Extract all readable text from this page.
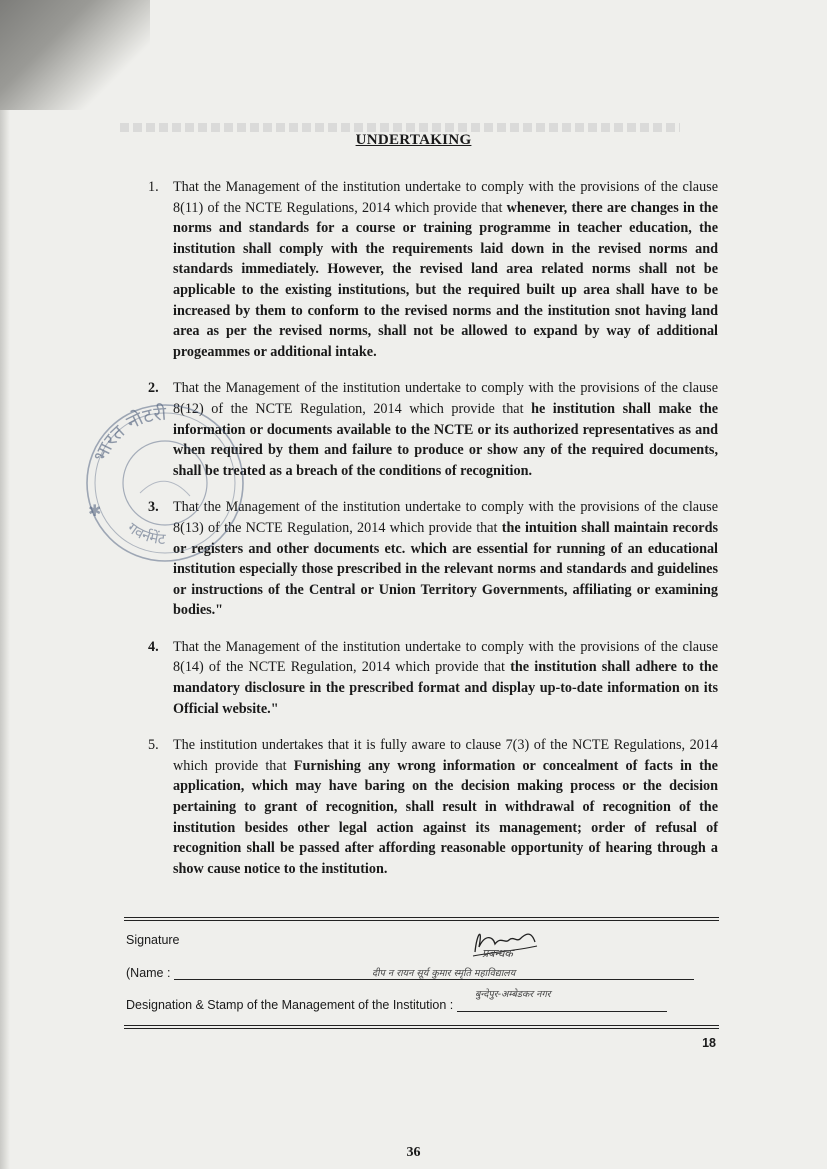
UNDERTAKING
1. That the Management of the institution undertake to comply with the provisions of the clause 8(11) of the NCTE Regulations, 2014 which provide that whenever, there are changes in the norms and standards for a course or training programme in teacher education, the institution shall comply with the requirements laid down in the revised norms and standards immediately. However, the revised land area related norms shall not be applicable to the existing institutions, but the required built up area shall have to be increased by them to conform to the revised norms and the institution snot having land area as per the revised norms, shall not be allowed to expand by way of additional progeammes or additional intake.
2. That the Management of the institution undertake to comply with the provisions of the clause 8(12) of the NCTE Regulation, 2014 which provide that he institution shall make the information or documents available to the NCTE or its authorized representatives as and when required by them and failure to produce or show any of the required documents, shall be treated as a breach of the conditions of recognition.
3. That the Management of the institution undertake to comply with the provisions of the clause 8(13) of the NCTE Regulation, 2014 which provide that the intuition shall maintain records or registers and other documents etc. which are essential for running of an educational institution especially those prescribed in the relevant norms and standards and guidelines or instructions of the Central or Union Territory Governments, affiliating or examining bodies."
4. That the Management of the institution undertake to comply with the provisions of the clause 8(14) of the NCTE Regulation, 2014 which provide that the institution shall adhere to the mandatory disclosure in the prescribed format and display up-to-date information on its Official website."
5. The institution undertakes that it is fully aware to clause 7(3) of the NCTE Regulations, 2014 which provide that Furnishing any wrong information or concealment of facts in the application, which may have baring on the decision making process or the decision pertaining to grant of recognition, shall result in withdrawal of recognition of the institution besides other legal action against its management; order of refusal of recognition shall be passed after affording reasonable opportunity of hearing through a show cause notice to the institution.
भारत नोटरी
गवर्नमेंट
✱
Signature
(Name :
Designation & Stamp of the Management of the Institution :
प्रबन्धक
दीप न रायन सूर्य कुमार स्मृति महाविद्यालय
बुन्देपुर-अम्बेडकर नगर
18
36
